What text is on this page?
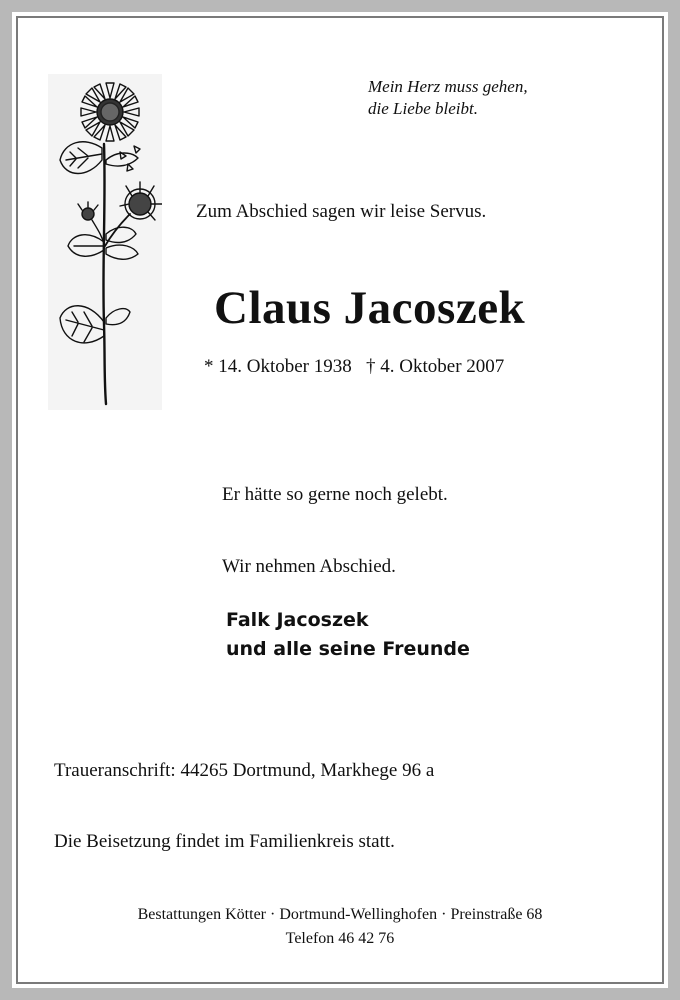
Mein Herz muss gehen,
die Liebe bleibt.
Zum Abschied sagen wir leise Servus.
Claus Jacoszek
* 14. Oktober 1938 † 4. Oktober 2007
Er hätte so gerne noch gelebt.
Wir nehmen Abschied.
Falk Jacoszek
und alle seine Freunde
Traueranschrift: 44265 Dortmund, Markhege 96 a
Die Beisetzung findet im Familienkreis statt.
Bestattungen Kötter · Dortmund-Wellinghofen · Preinstraße 68
Telefon 46 42 76
